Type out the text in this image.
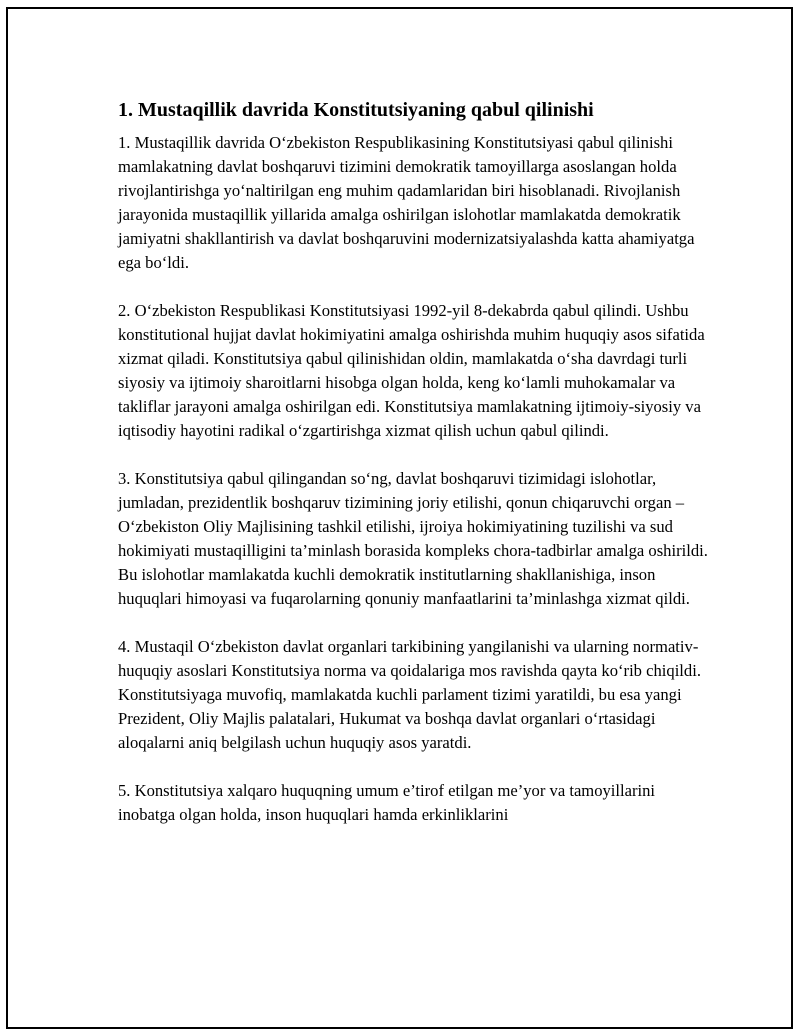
1. Mustaqillik davrida Konstitutsiyaning qabul qilinishi

1. Mustaqillik davrida O‘zbekiston Respublikasining Konstitutsiyasi qabul qilinishi mamlakatning davlat boshqaruvi tizimini demokratik tamoyillarga asoslangan holda rivojlantirishga yo‘naltirilgan eng muhim qadamlaridan biri hisoblanadi. Rivojlanish jarayonida mustaqillik yillarida amalga oshirilgan islohotlar mamlakatda demokratik jamiyatni shakllantirish va davlat boshqaruvini modernizatsiyalashda katta ahamiyatga ega bo‘ldi.

2. O‘zbekiston Respublikasi Konstitutsiyasi 1992-yil 8-dekabrda qabul qilindi. Ushbu konstitutional hujjat davlat hokimiyatini amalga oshirishda muhim huquqiy asos sifatida xizmat qiladi. Konstitutsiya qabul qilinishidan oldin, mamlakatda o‘sha davrdagi turli siyosiy va ijtimoiy sharoitlarni hisobga olgan holda, keng ko‘lamli muhokamalar va takliflar jarayoni amalga oshirilgan edi. Konstitutsiya mamlakatning ijtimoiy-siyosiy va iqtisodiy hayotini radikal o‘zgartirishga xizmat qilish uchun qabul qilindi.

3. Konstitutsiya qabul qilingandan so‘ng, davlat boshqaruvi tizimidagi islohotlar, jumladan, prezidentlik boshqaruv tizimining joriy etilishi, qonun chiqaruvchi organ – O‘zbekiston Oliy Majlisining tashkil etilishi, ijroiya hokimiyatining tuzilishi va sud hokimiyati mustaqilligini ta’minlash borasida kompleks chora-tadbirlar amalga oshirildi. Bu islohotlar mamlakatda kuchli demokratik institutlarning shakllanishiga, inson huquqlari himoyasi va fuqarolarning qonuniy manfaatlarini ta’minlashga xizmat qildi.

4. Mustaqil O‘zbekiston davlat organlari tarkibining yangilanishi va ularning normativ-huquqiy asoslari Konstitutsiya norma va qoidalariga mos ravishda qayta ko‘rib chiqildi. Konstitutsiyaga muvofiq, mamlakatda kuchli parlament tizimi yaratildi, bu esa yangi Prezident, Oliy Majlis palatalari, Hukumat va boshqa davlat organlari o‘rtasidagi aloqalarni aniq belgilash uchun huquqiy asos yaratdi.

5. Konstitutsiya xalqaro huquqning umum e’tirof etilgan me’yor va tamoyillarini inobatga olgan holda, inson huquqlari hamda erkinliklarini
